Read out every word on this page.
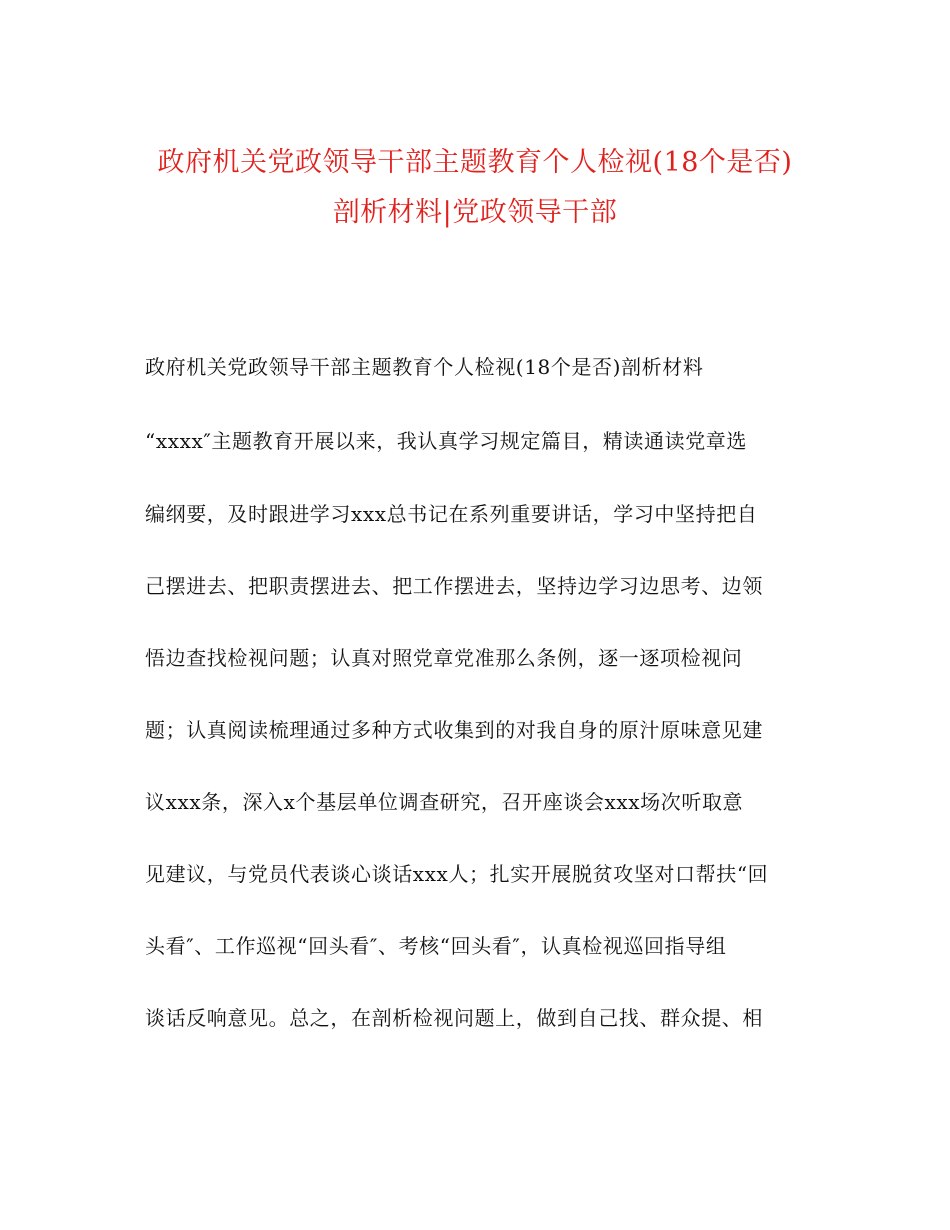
政府机关党政领导干部主题教育个人检视(18个是否)
剖析材料|党政领导干部
政府机关党政领导干部主题教育个人检视(18个是否)剖析材料
“xxxx″主题教育开展以来，我认真学习规定篇目，精读通读党章选
编纲要，及时跟进学习xxx总书记在系列重要讲话，学习中坚持把自
己摆进去、把职责摆进去、把工作摆进去，坚持边学习边思考、边领
悟边查找检视问题；认真对照党章党准那么条例，逐一逐项检视问
题；认真阅读梳理通过多种方式收集到的对我自身的原汁原味意见建
议xxx条，深入x个基层单位调查研究，召开座谈会xxx场次听取意
见建议，与党员代表谈心谈话xxx人；扎实开展脱贫攻坚对口帮扶“回
头看″、工作巡视“回头看″、考核“回头看″，认真检视巡回指导组
谈话反响意见。总之，在剖析检视问题上，做到自己找、群众提、相
